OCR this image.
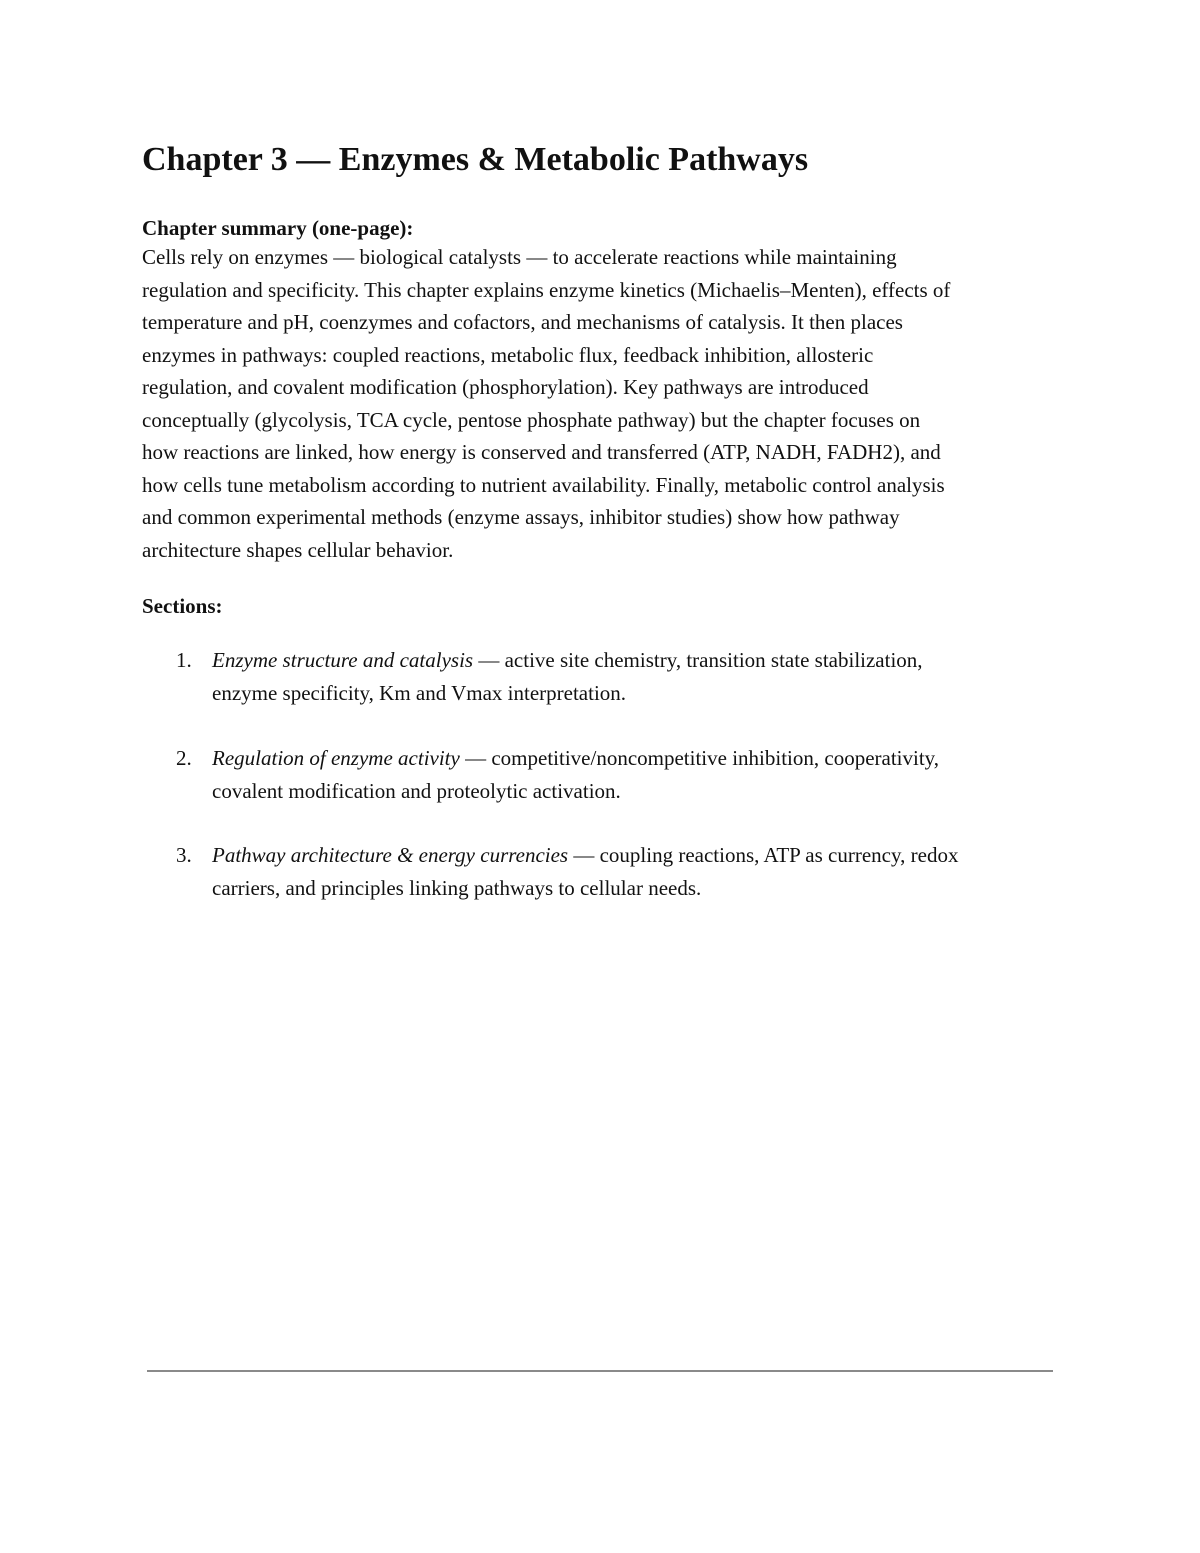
Chapter 3 — Enzymes & Metabolic Pathways

Chapter summary (one-page):

Cells rely on enzymes — biological catalysts — to accelerate reactions while maintaining
regulation and specificity. This chapter explains enzyme kinetics (Michaelis–Menten), effects of
temperature and pH, coenzymes and cofactors, and mechanisms of catalysis. It then places
enzymes in pathways: coupled reactions, metabolic flux, feedback inhibition, allosteric
regulation, and covalent modification (phosphorylation). Key pathways are introduced
conceptually (glycolysis, TCA cycle, pentose phosphate pathway) but the chapter focuses on
how reactions are linked, how energy is conserved and transferred (ATP, NADH, FADH2), and
how cells tune metabolism according to nutrient availability. Finally, metabolic control analysis
and common experimental methods (enzyme assays, inhibitor studies) show how pathway
architecture shapes cellular behavior.

Sections:

1. Enzyme structure and catalysis — active site chemistry, transition state stabilization,
enzyme specificity, Km and Vmax interpretation.
2. Regulation of enzyme activity — competitive/noncompetitive inhibition, cooperativity,
covalent modification and proteolytic activation.
3. Pathway architecture & energy currencies — coupling reactions, ATP as currency, redox
carriers, and principles linking pathways to cellular needs.
